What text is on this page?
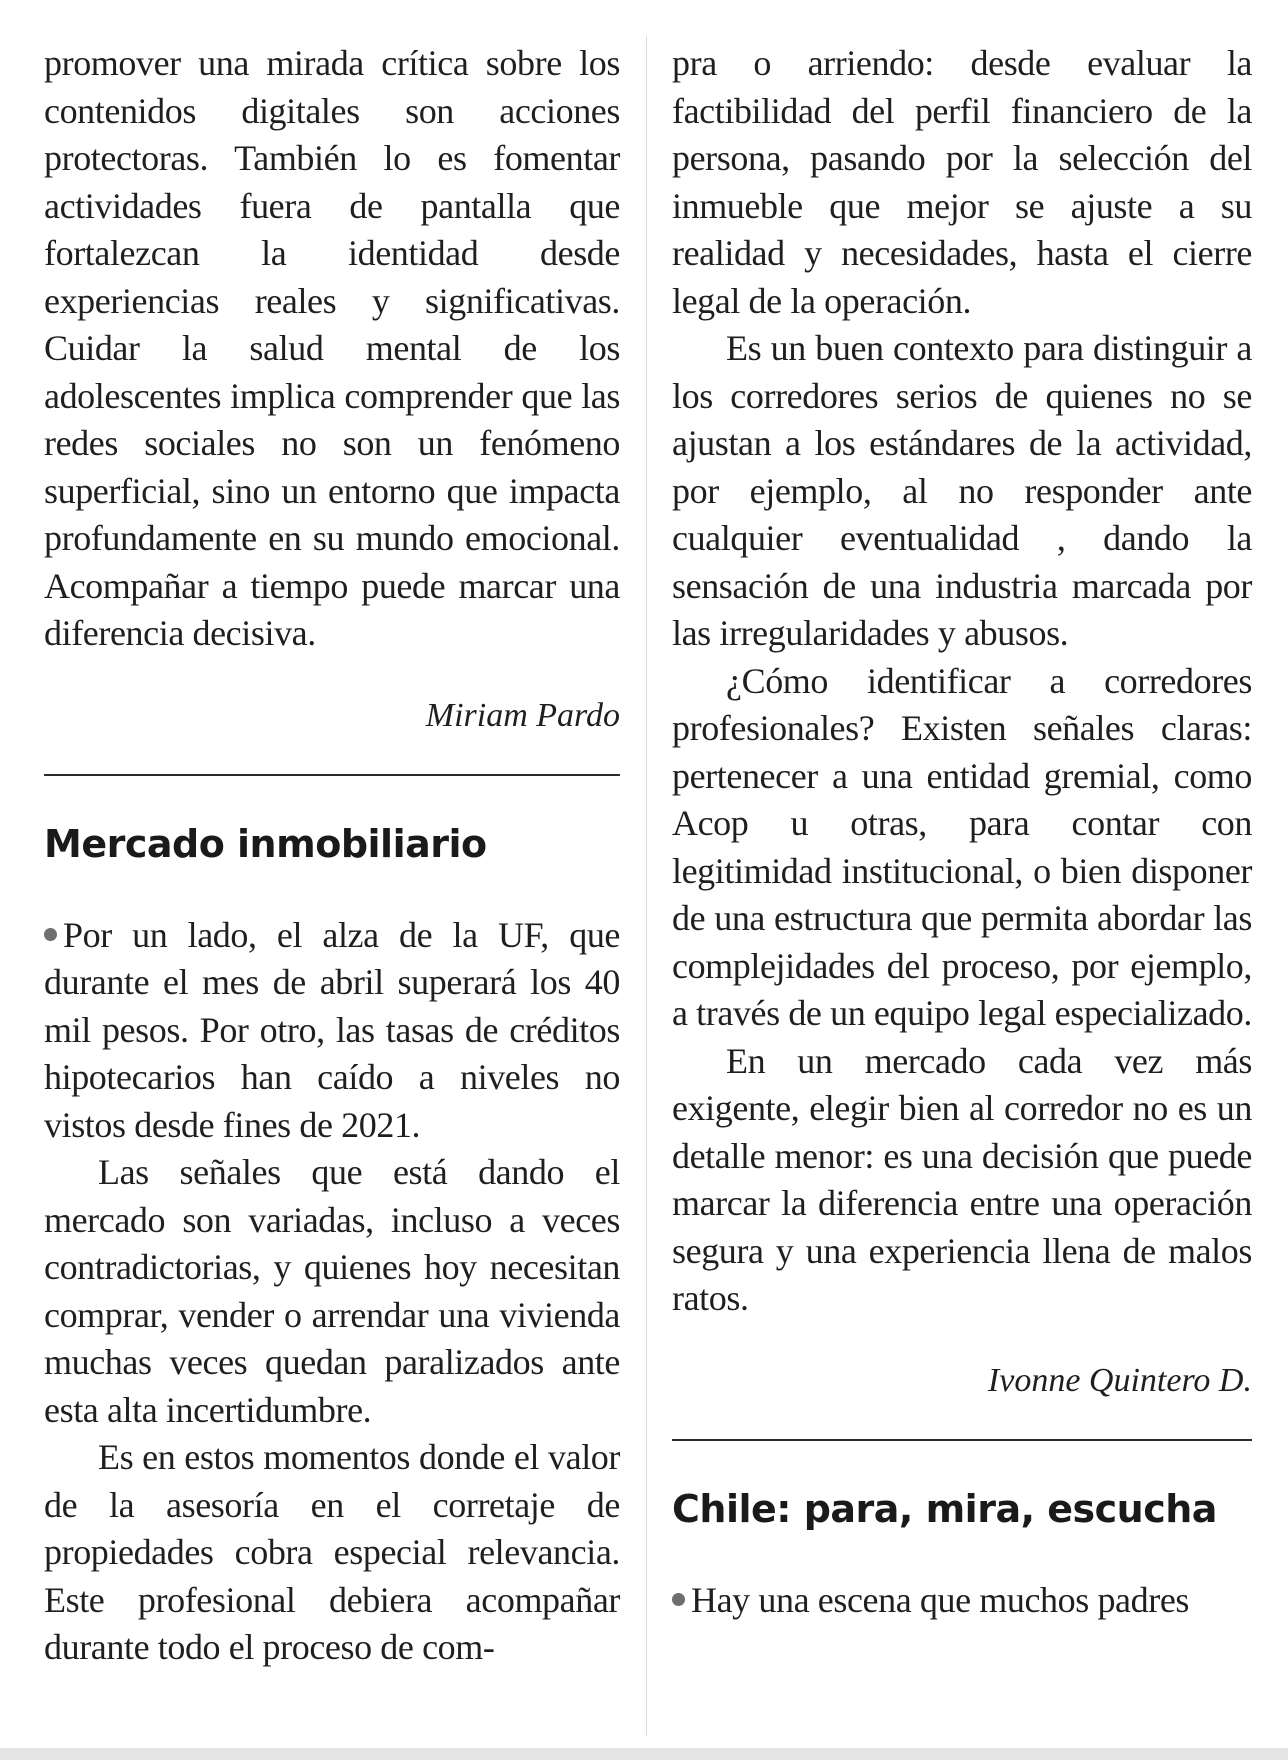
promover una mirada crítica sobre los contenidos digitales son acciones protectoras. También lo es fomentar actividades fuera de pantalla que fortalezcan la identidad desde experiencias reales y significativas. Cuidar la salud mental de los adolescentes implica comprender que las redes sociales no son un fenómeno superficial, sino un entorno que impacta profundamente en su mundo emocional. Acompañar a tiempo puede marcar una diferencia decisiva.

Miriam Pardo

Mercado inmobiliario

Por un lado, el alza de la UF, que durante el mes de abril superará los 40 mil pesos. Por otro, las tasas de créditos hipotecarios han caído a niveles no vistos desde fines de 2021.

Las señales que está dando el mercado son variadas, incluso a veces contradictorias, y quienes hoy necesitan comprar, vender o arrendar una vivienda muchas veces quedan paralizados ante esta alta incertidumbre.

Es en estos momentos donde el valor de la asesoría en el corretaje de propiedades cobra especial relevancia. Este profesional debiera acompañar durante todo el proceso de com-

pra o arriendo: desde evaluar la factibilidad del perfil financiero de la persona, pasando por la selección del inmueble que mejor se ajuste a su realidad y necesidades, hasta el cierre legal de la operación.

Es un buen contexto para distinguir a los corredores serios de quienes no se ajustan a los estándares de la actividad, por ejemplo, al no responder ante cualquier eventualidad , dando la sensación de una industria marcada por las irregularidades y abusos.

¿Cómo identificar a corredores profesionales? Existen señales claras: pertenecer a una entidad gremial, como Acop u otras, para contar con legitimidad institucional, o bien disponer de una estructura que permita abordar las complejidades del proceso, por ejemplo, a través de un equipo legal especializado.

En un mercado cada vez más exigente, elegir bien al corredor no es un detalle menor: es una decisión que puede marcar la diferencia entre una operación segura y una experiencia llena de malos ratos.

Ivonne Quintero D.

Chile: para, mira, escucha

Hay una escena que muchos padres
